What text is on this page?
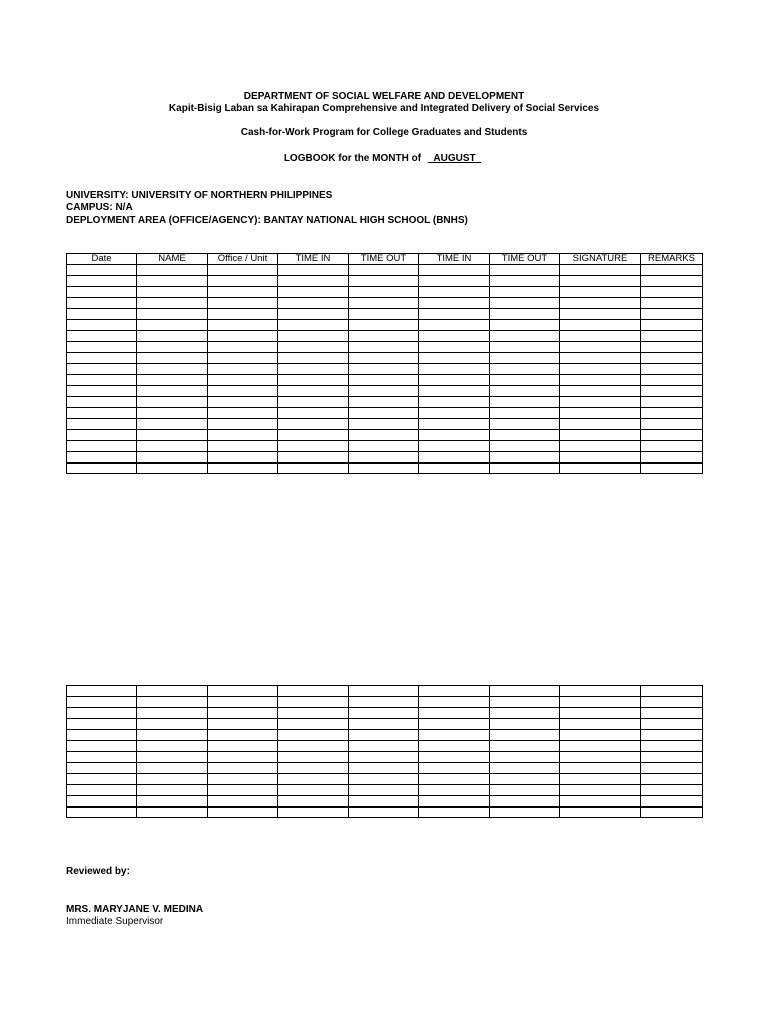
DEPARTMENT OF SOCIAL WELFARE AND DEVELOPMENT
Kapit-Bisig Laban sa Kahirapan Comprehensive and Integrated Delivery of Social Services
Cash-for-Work Program for College Graduates and Students
LOGBOOK for the MONTH of AUGUST
UNIVERSITY: UNIVERSITY OF NORTHERN PHILIPPINES
CAMPUS: N/A
DEPLOYMENT AREA (OFFICE/AGENCY): BANTAY NATIONAL HIGH SCHOOL (BNHS)
Date	NAME	Office / Unit	TIME IN	TIME OUT	TIME IN	TIME OUT	SIGNATURE	REMARKS

Reviewed by:
MRS. MARYJANE V. MEDINA
Immediate Supervisor
